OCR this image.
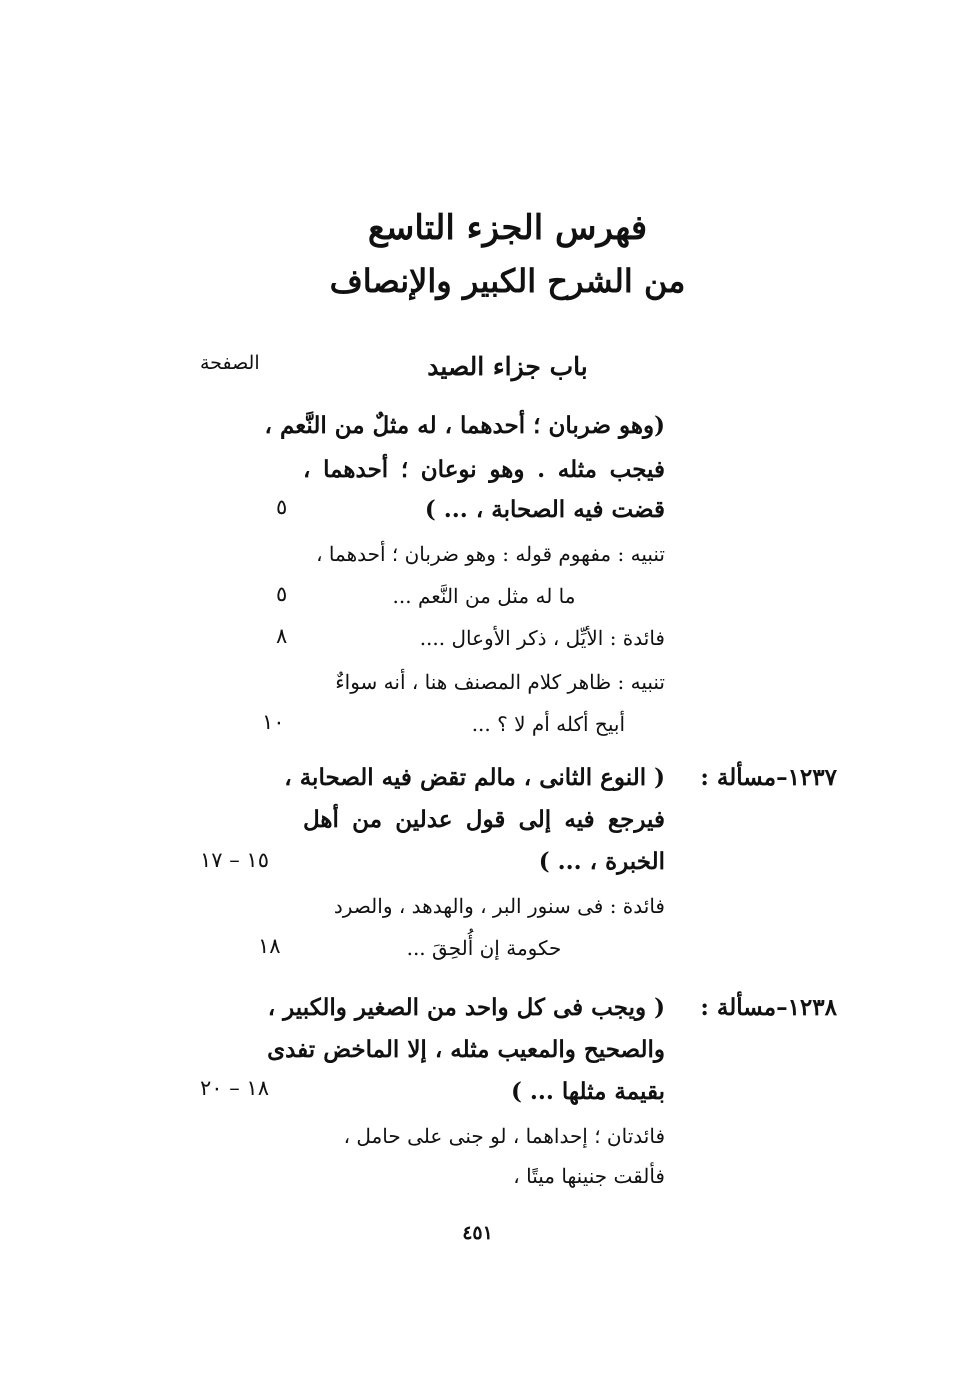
فهرس الجزء التاسع
من الشرح الكبير والإنصاف
باب جزاء الصيد
الصفحة
(وهو ضربان ؛ أحدهما ، له مثلٌ من النَّعم ،
فيجب مثله . وهو نوعان ؛ أحدهما ،
قضت فيه الصحابة ، ... )
٥
تنبيه : مفهوم قوله : وهو ضربان ؛ أحدهما ،
ما له مثل من النَّعم ...
٥
فائدة : الأيِّل ، ذكر الأوعال ....
٨
تنبيه : ظاهر كلام المصنف هنا ، أنه سواءٌ
أبيح أكله أم لا ؟ ...
١٠
١٢٣٧–مسألة :
( النوع الثانى ، مالم تقض فيه الصحابة ،
فيرجع فيه إلى قول عدلين من أهل
الخبرة ، ... )
١٥ – ١٧
فائدة : فى سنور البر ، والهدهد ، والصرد
حكومة إن أُلحِقَ ...
١٨
١٢٣٨–مسألة :
( ويجب فى كل واحد من الصغير والكبير ،
والصحيح والمعيب مثله ، إلا الماخض تفدى
بقيمة مثلها ... )
١٨ – ٢٠
فائدتان ؛ إحداهما ، لو جنى على حامل ،
فألقت جنينها ميتًا ،
٤٥١
